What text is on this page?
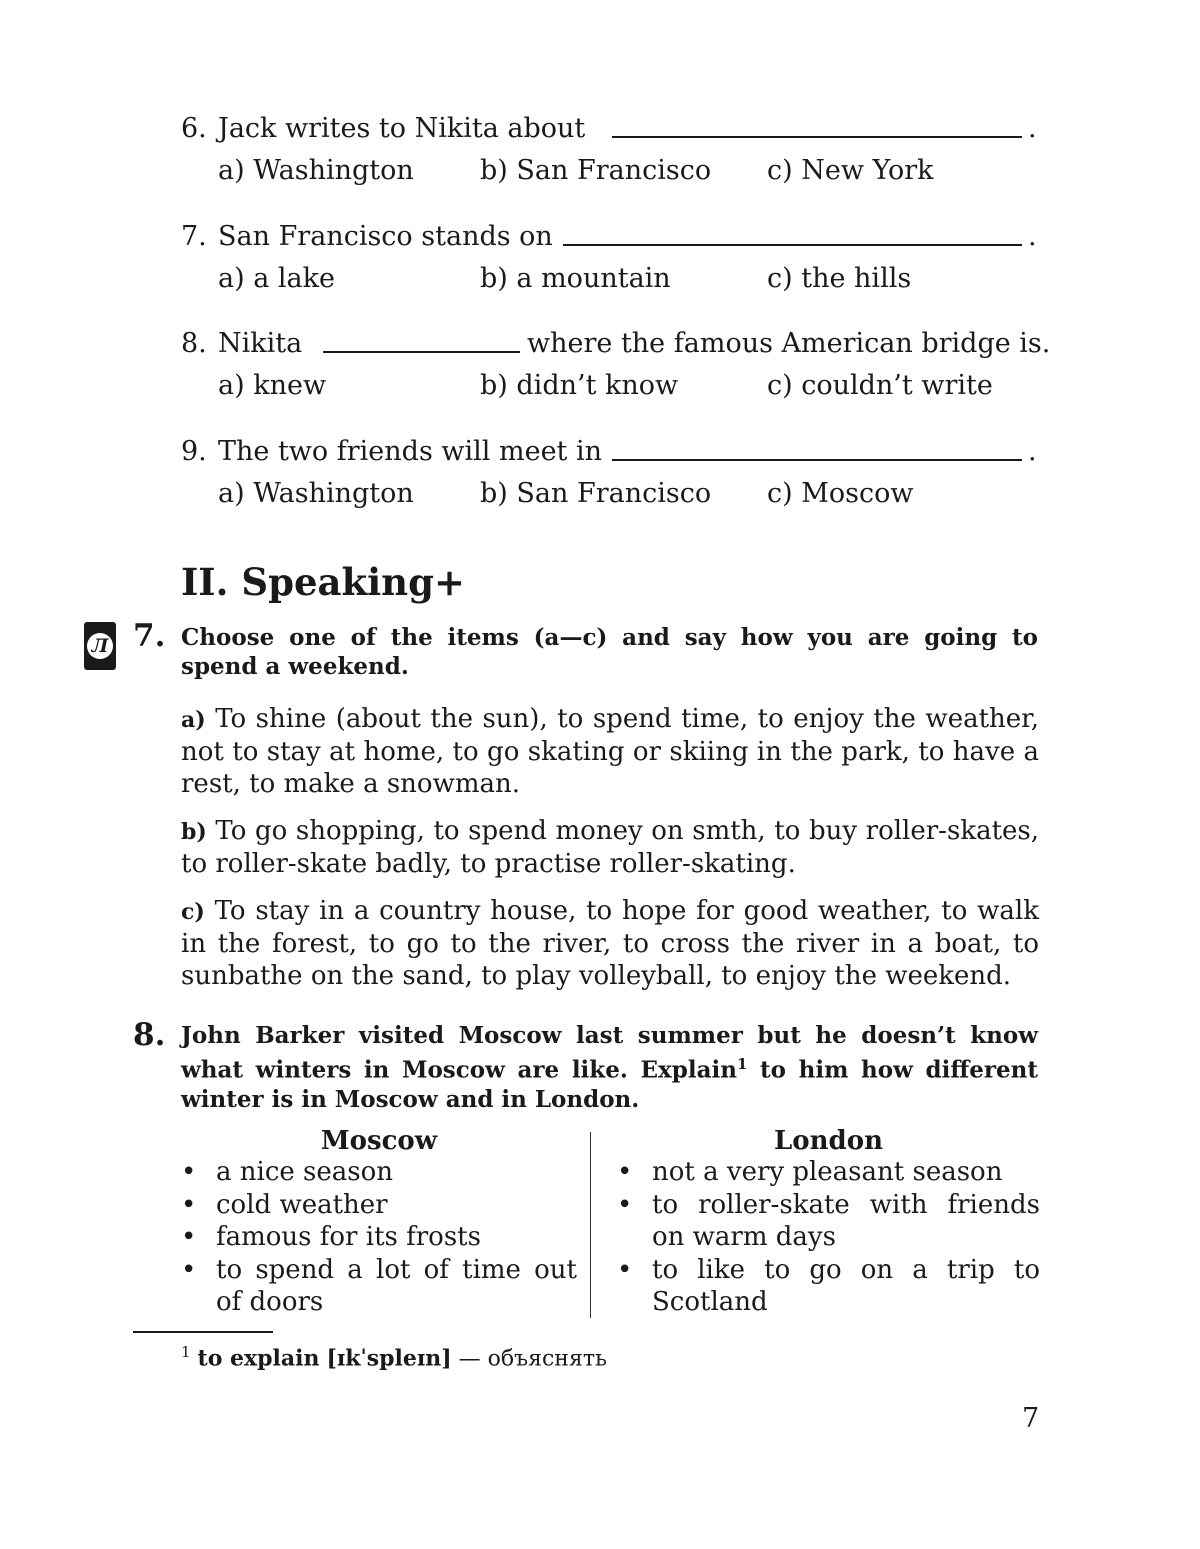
6. Jack writes to Nikita about	.
a) Washington b) San Francisco c) New York
7. San Francisco stands on	.
a) a lake	b) a mountain	c) the hills
8. Nikita	where the famous American bridge is.
a) knew	b) didn’t know	c) couldn’t write
9. The two friends will meet in	.
a) Washington b) San Francisco c) Moscow
II. Speaking+
Л 7. Choose one of the items (a—c) and say how you are going to spend a weekend.
a) To shine (about the sun), to spend time, to enjoy the weather, not to stay at home, to go skating or skiing in the park, to have a rest, to make a snowman.
b) To go shopping, to spend money on smth, to buy roller-skates, to roller-skate badly, to practise roller-skating.
c) To stay in a country house, to hope for good weather, to walk in the forest, to go to the river, to cross the river in a boat, to sunbathe on the sand, to play volleyball, to enjoy the weekend.
8. John Barker visited Moscow last summer but he doesn’t know what winters in Moscow are like. Explain$^1$ to him how different winter is in Moscow and in London.
Moscow
• a nice season
• cold weather
• famous for its frosts
• to spend a lot of time out of doors
London
• not a very pleasant season
• to roller-skate with friends on warm days
• to like to go on a trip to Scotland
$^1$ to explain [ɪkˈspleɪn] — объяснять
7
